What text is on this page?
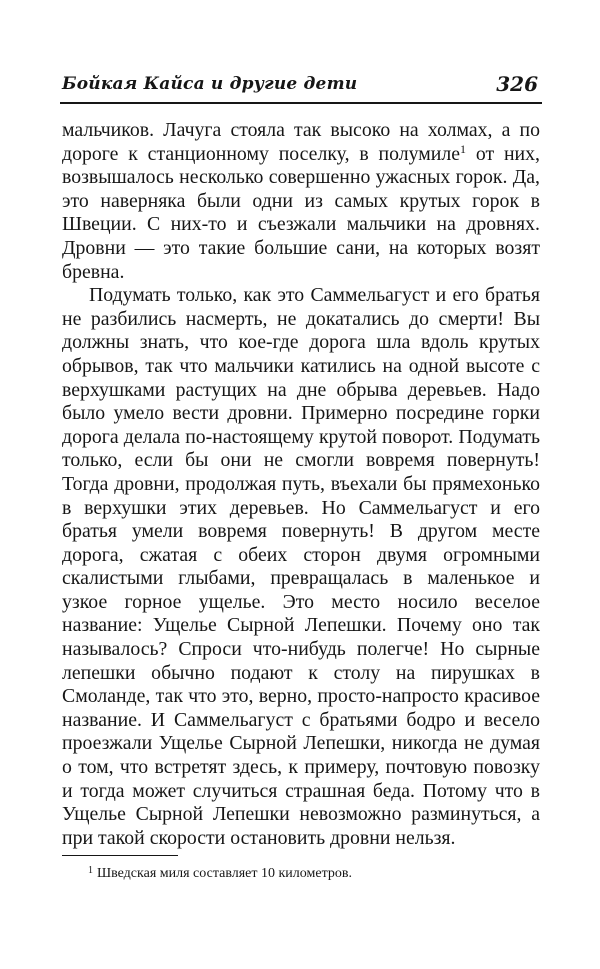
Бойкая Кайса и другие дети	326

мальчиков. Лачуга стояла так высоко на холмах, а по дороге к станционному поселку, в полумиле$^1$ от них, возвышалось несколько совершенно ужасных горок. Да, это наверняка были одни из самых крутых горок в Швеции. С них-то и съезжали мальчики на дровнях. Дровни — это такие большие сани, на которых возят бревна.

Подумать только, как это Саммельагуст и его братья не разбились насмерть, не докатались до смерти! Вы должны знать, что кое-где дорога шла вдоль крутых обрывов, так что мальчики катились на одной высоте с верхушками растущих на дне обрыва деревьев. Надо было умело вести дровни. Примерно посредине горки дорога делала по-настоящему крутой поворот. Подумать только, если бы они не смогли вовремя повернуть! Тогда дровни, продолжая путь, въехали бы прямехонько в верхушки этих деревьев. Но Саммельагуст и его братья умели вовремя повернуть! В другом месте дорога, сжатая с обеих сторон двумя огромными скалистыми глыбами, превращалась в маленькое и узкое горное ущелье. Это место носило веселое название: Ущелье Сырной Лепешки. Почему оно так называлось? Спроси что-нибудь полегче! Но сырные лепешки обычно подают к столу на пирушках в Смоланде, так что это, верно, просто-напросто красивое название. И Саммельагуст с братьями бодро и весело проезжали Ущелье Сырной Лепешки, никогда не думая о том, что встретят здесь, к примеру, почтовую повозку и тогда может случиться страшная беда. Потому что в Ущелье Сырной Лепешки невозможно разминуться, а при такой скорости остановить дровни нельзя.

$^1$ Шведская миля составляет 10 километров.
